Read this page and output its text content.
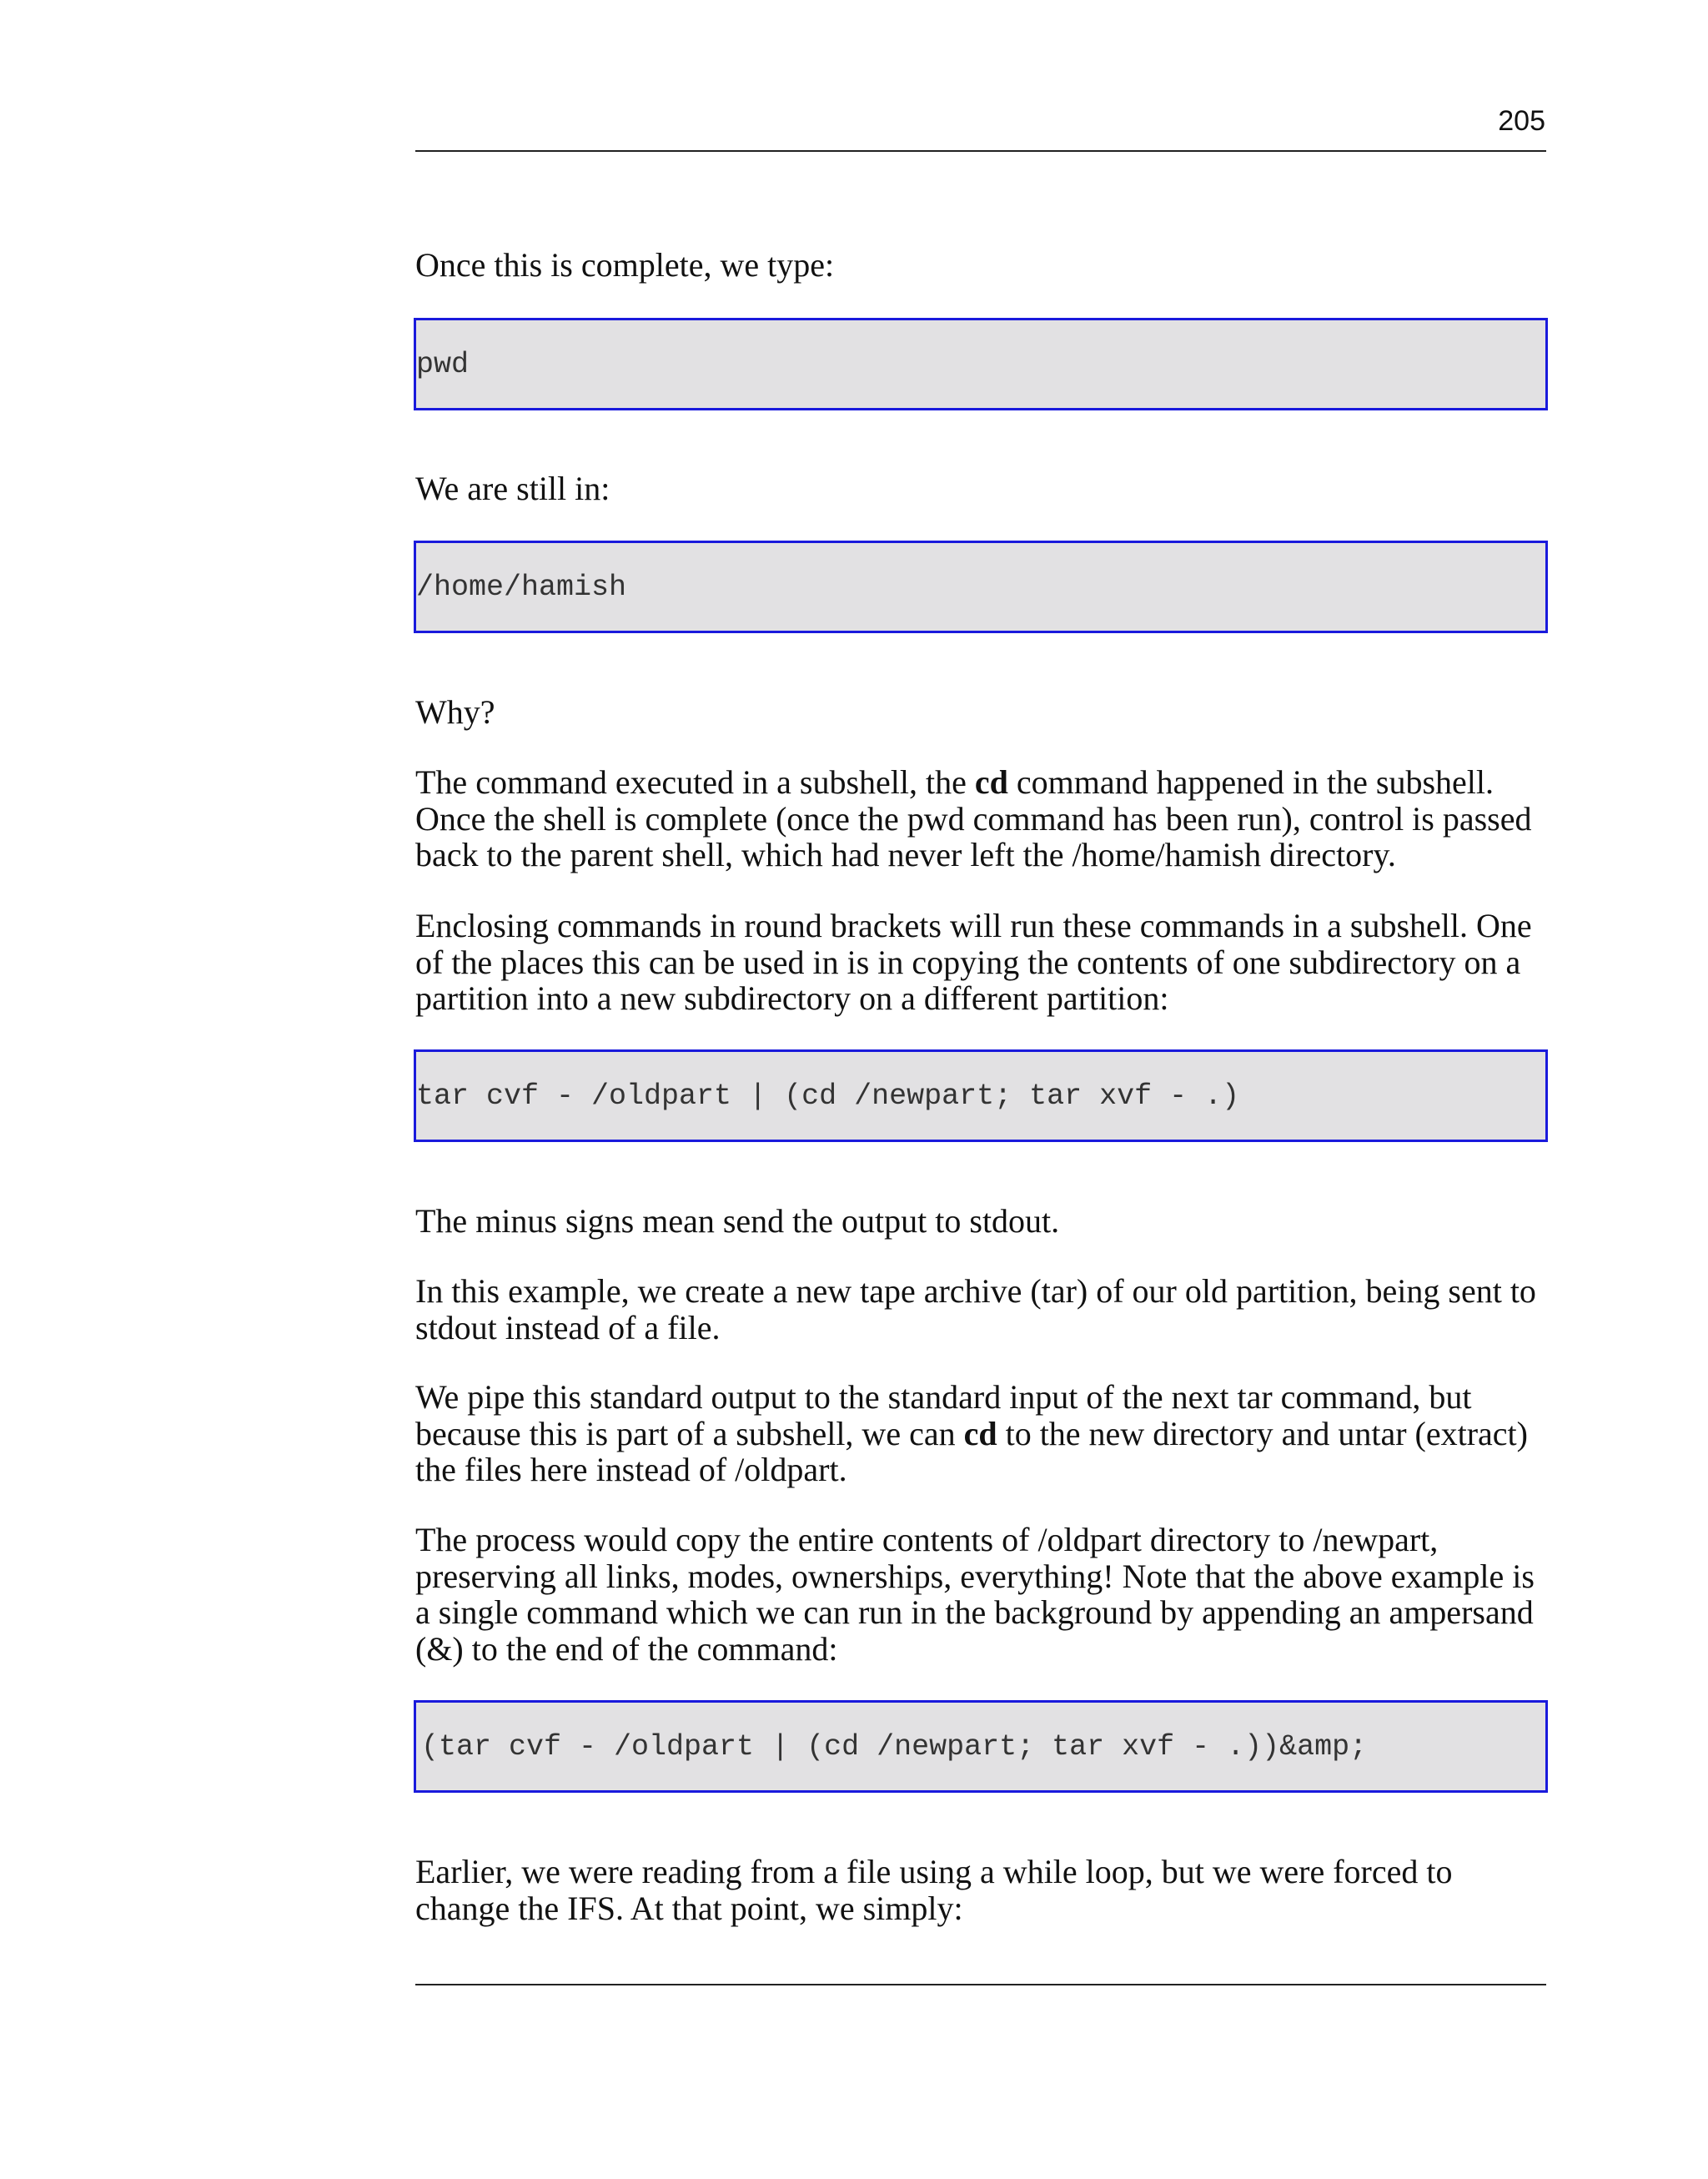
205
Once this is complete, we type:
pwd
We are still in:
/home/hamish
Why?
The command executed in a subshell, the cd command happened in the subshell.
Once the shell is complete (once the pwd command has been run), control is passed
back to the parent shell, which had never left the /home/hamish directory.
Enclosing commands in round brackets will run these commands in a subshell. One
of the places this can be used in is in copying the contents of one subdirectory on a
partition into a new subdirectory on a different partition:
tar cvf - /oldpart | (cd /newpart; tar xvf - .)
The minus signs mean send the output to stdout.
In this example, we create a new tape archive (tar) of our old partition, being sent to
stdout instead of a file.
We pipe this standard output to the standard input of the next tar command, but
because this is part of a subshell, we can cd to the new directory and untar (extract)
the files here instead of /oldpart.
The process would copy the entire contents of /oldpart directory to /newpart,
preserving all links, modes, ownerships, everything! Note that the above example is
a single command which we can run in the background by appending an ampersand
(&) to the end of the command:
(tar cvf - /oldpart | (cd /newpart; tar xvf - .))&amp;
Earlier, we were reading from a file using a while loop, but we were forced to
change the IFS. At that point, we simply:
